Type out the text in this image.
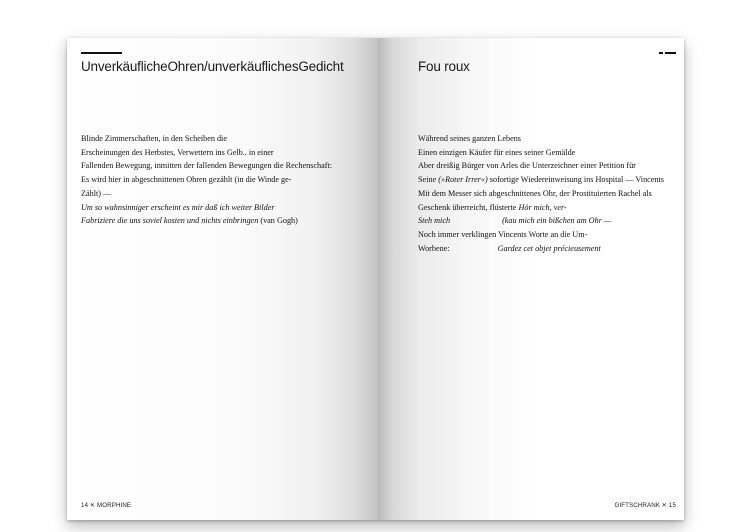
UnverkäuflicheOhren/unverkäuflichesGedicht
Blinde Zimmerschaften, in den Scheiben die
Erscheinungen des Herbstes, Verwettern ins Gelb.. in einer
Fallenden Bewegung, inmitten der fallenden Bewegungen die Rechenschaft:
Es wird hier in abgeschnittenen Ohren gezählt (in die Winde ge-
Zählt) —
Um so wahnsinniger erscheint es mir daß ich weiter Bilder
Fabriziere die uns soviel kosten und nichts einbringen (van Gogh)
14 ✕ MORPHINE
Fou roux
Während seines ganzen Lebens
Einen einzigen Käufer für eines seiner Gemälde
Aber dreißig Bürger von Arles die Unterzeichner einer Petition für
Seine (»Roter Irrer«) sofortige Wiedereinweisung ins Hospital — Vincents
Mit dem Messer sich abgeschnittenes Ohr, der Prostituierten Rachel als
Geschenk überreicht, flüsterte Hör mich, ver-
Steh mich	(kau mich ein bißchen am Ohr —
Noch immer verklingen Vincents Worte an die Um-
Worbene:	Gardez cet objet précieusement
GIFTSCHRANK ✕ 15
